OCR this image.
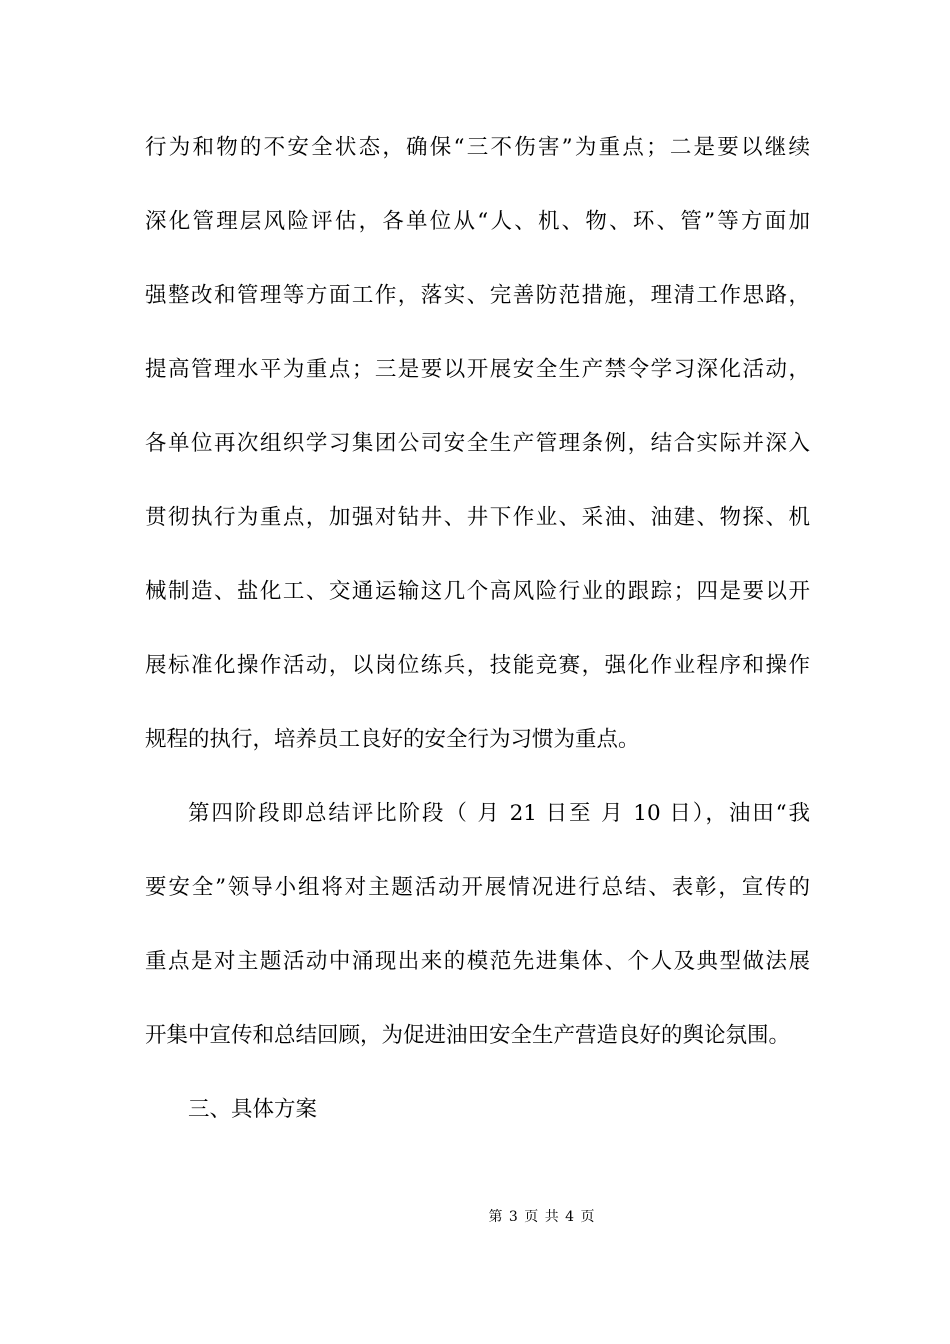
行为和物的不安全状态，确保“三不伤害”为重点；二是要以继续
深化管理层风险评估，各单位从“人、机、物、环、管”等方面加
强整改和管理等方面工作，落实、完善防范措施，理清工作思路，
提高管理水平为重点；三是要以开展安全生产禁令学习深化活动，
各单位再次组织学习集团公司安全生产管理条例，结合实际并深入
贯彻执行为重点，加强对钻井、井下作业、采油、油建、物探、机
械制造、盐化工、交通运输这几个高风险行业的跟踪；四是要以开
展标准化操作活动，以岗位练兵，技能竞赛，强化作业程序和操作
规程的执行，培养员工良好的安全行为习惯为重点。
第四阶段即总结评比阶段（ 月 21 日至 月 10 日），油田“我
要安全”领导小组将对主题活动开展情况进行总结、表彰，宣传的
重点是对主题活动中涌现出来的模范先进集体、个人及典型做法展
开集中宣传和总结回顾，为促进油田安全生产营造良好的舆论氛围。
三、具体方案
第 3 页 共 4 页
